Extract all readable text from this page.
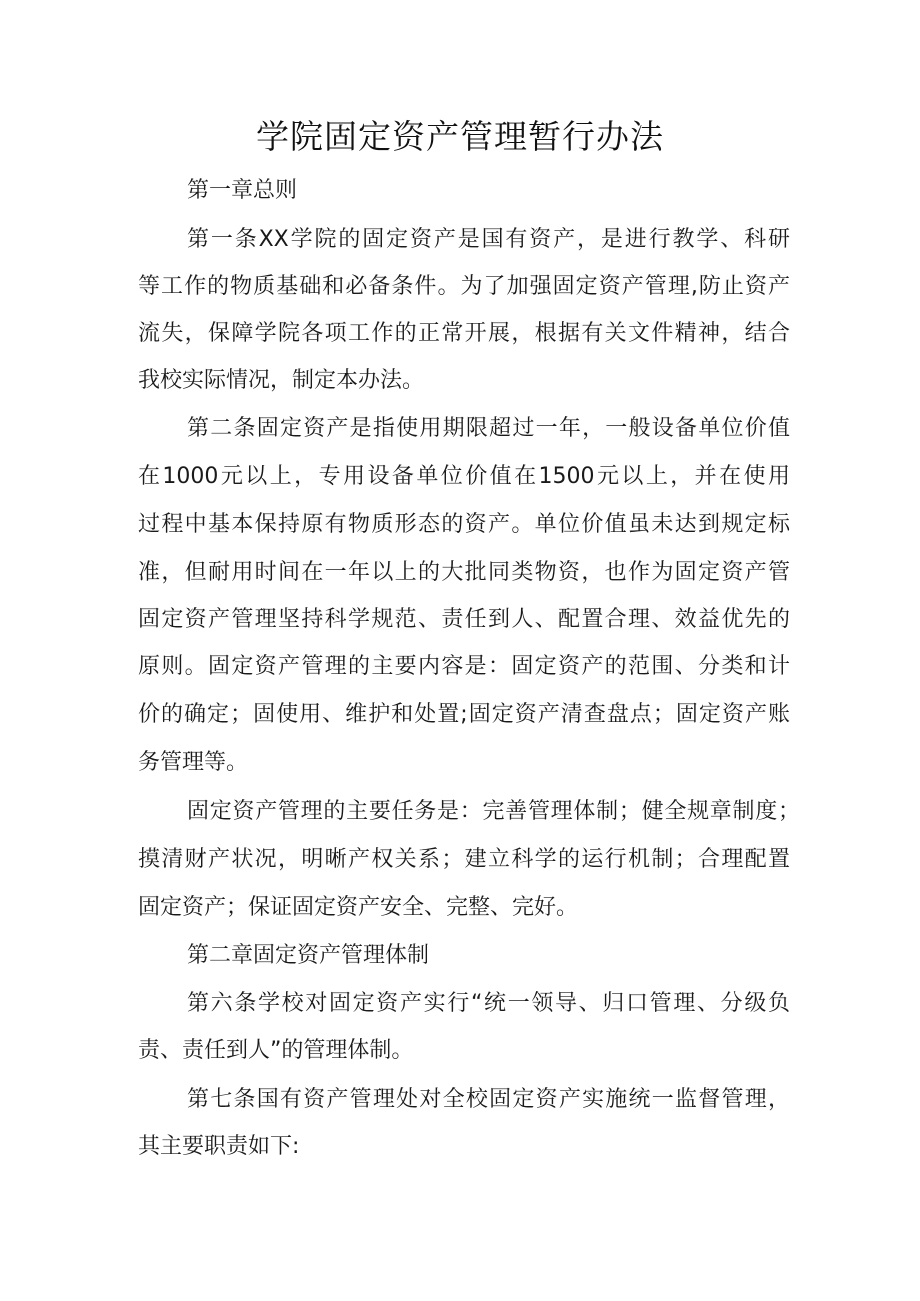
学院固定资产管理暂行办法

第一章总则

第一条XX学院的固定资产是国有资产，是进行教学、科研

等工作的物质基础和必备条件。为了加强固定资产管理,防止资产

流失，保障学院各项工作的正常开展，根据有关文件精神，结合

我校实际情况，制定本办法。

第二条固定资产是指使用期限超过一年，一般设备单位价值

在1000元以上，专用设备单位价值在1500元以上，并在使用

过程中基本保持原有物质形态的资产。单位价值虽未达到规定标

准，但耐用时间在一年以上的大批同类物资，也作为固定资产管

固定资产管理坚持科学规范、责任到人、配置合理、效益优先的

原则。固定资产管理的主要内容是：固定资产的范围、分类和计

价的确定；固使用、维护和处置;固定资产清查盘点；固定资产账

务管理等。

固定资产管理的主要任务是：完善管理体制；健全规章制度；

摸清财产状况，明晰产权关系；建立科学的运行机制；合理配置

固定资产；保证固定资产安全、完整、完好。

第二章固定资产管理体制

第六条学校对固定资产实行“统一领导、归口管理、分级负

责、责任到人”的管理体制。

第七条国有资产管理处对全校固定资产实施统一监督管理，

其主要职责如下:
